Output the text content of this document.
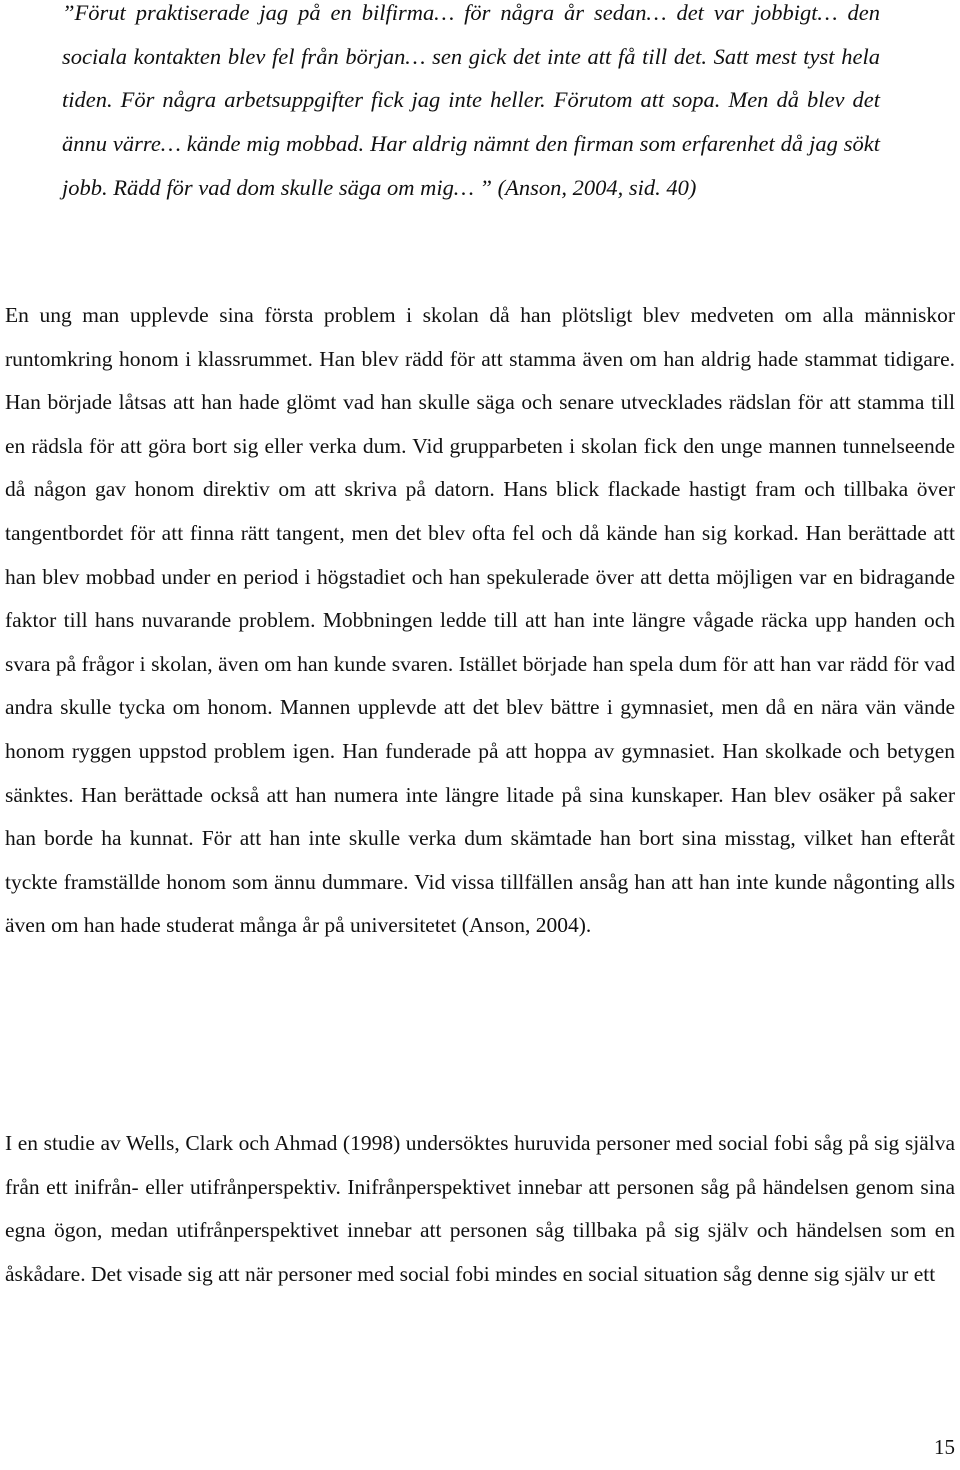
”Förut praktiserade jag på en bilfirma… för några år sedan… det var jobbigt… den sociala kontakten blev fel från början… sen gick det inte att få till det. Satt mest tyst hela tiden. För några arbetsuppgifter fick jag inte heller. Förutom att sopa. Men då blev det ännu värre… kände mig mobbad. Har aldrig nämnt den firman som erfarenhet då jag sökt jobb. Rädd för vad dom skulle säga om mig… ” (Anson, 2004, sid. 40)

En ung man upplevde sina första problem i skolan då han plötsligt blev medveten om alla människor runtomkring honom i klassrummet. Han blev rädd för att stamma även om han aldrig hade stammat tidigare. Han började låtsas att han hade glömt vad han skulle säga och senare utvecklades rädslan för att stamma till en rädsla för att göra bort sig eller verka dum. Vid grupparbeten i skolan fick den unge mannen tunnelseende då någon gav honom direktiv om att skriva på datorn. Hans blick flackade hastigt fram och tillbaka över tangentbordet för att finna rätt tangent, men det blev ofta fel och då kände han sig korkad. Han berättade att han blev mobbad under en period i högstadiet och han spekulerade över att detta möjligen var en bidragande faktor till hans nuvarande problem. Mobbningen ledde till att han inte längre vågade räcka upp handen och svara på frågor i skolan, även om han kunde svaren. Istället började han spela dum för att han var rädd för vad andra skulle tycka om honom. Mannen upplevde att det blev bättre i gymnasiet, men då en nära vän vände honom ryggen uppstod problem igen. Han funderade på att hoppa av gymnasiet. Han skolkade och betygen sänktes. Han berättade också att han numera inte längre litade på sina kunskaper. Han blev osäker på saker han borde ha kunnat. För att han inte skulle verka dum skämtade han bort sina misstag, vilket han efteråt tyckte framställde honom som ännu dummare. Vid vissa tillfällen ansåg han att han inte kunde någonting alls även om han hade studerat många år på universitetet (Anson, 2004).

I en studie av Wells, Clark och Ahmad (1998) undersöktes huruvida personer med social fobi såg på sig själva från ett inifrån- eller utifrånperspektiv. Inifrånperspektivet innebar att personen såg på händelsen genom sina egna ögon, medan utifrånperspektivet innebar att personen såg tillbaka på sig själv och händelsen som en åskådare. Det visade sig att när personer med social fobi mindes en social situation såg denne sig själv ur ett

15
